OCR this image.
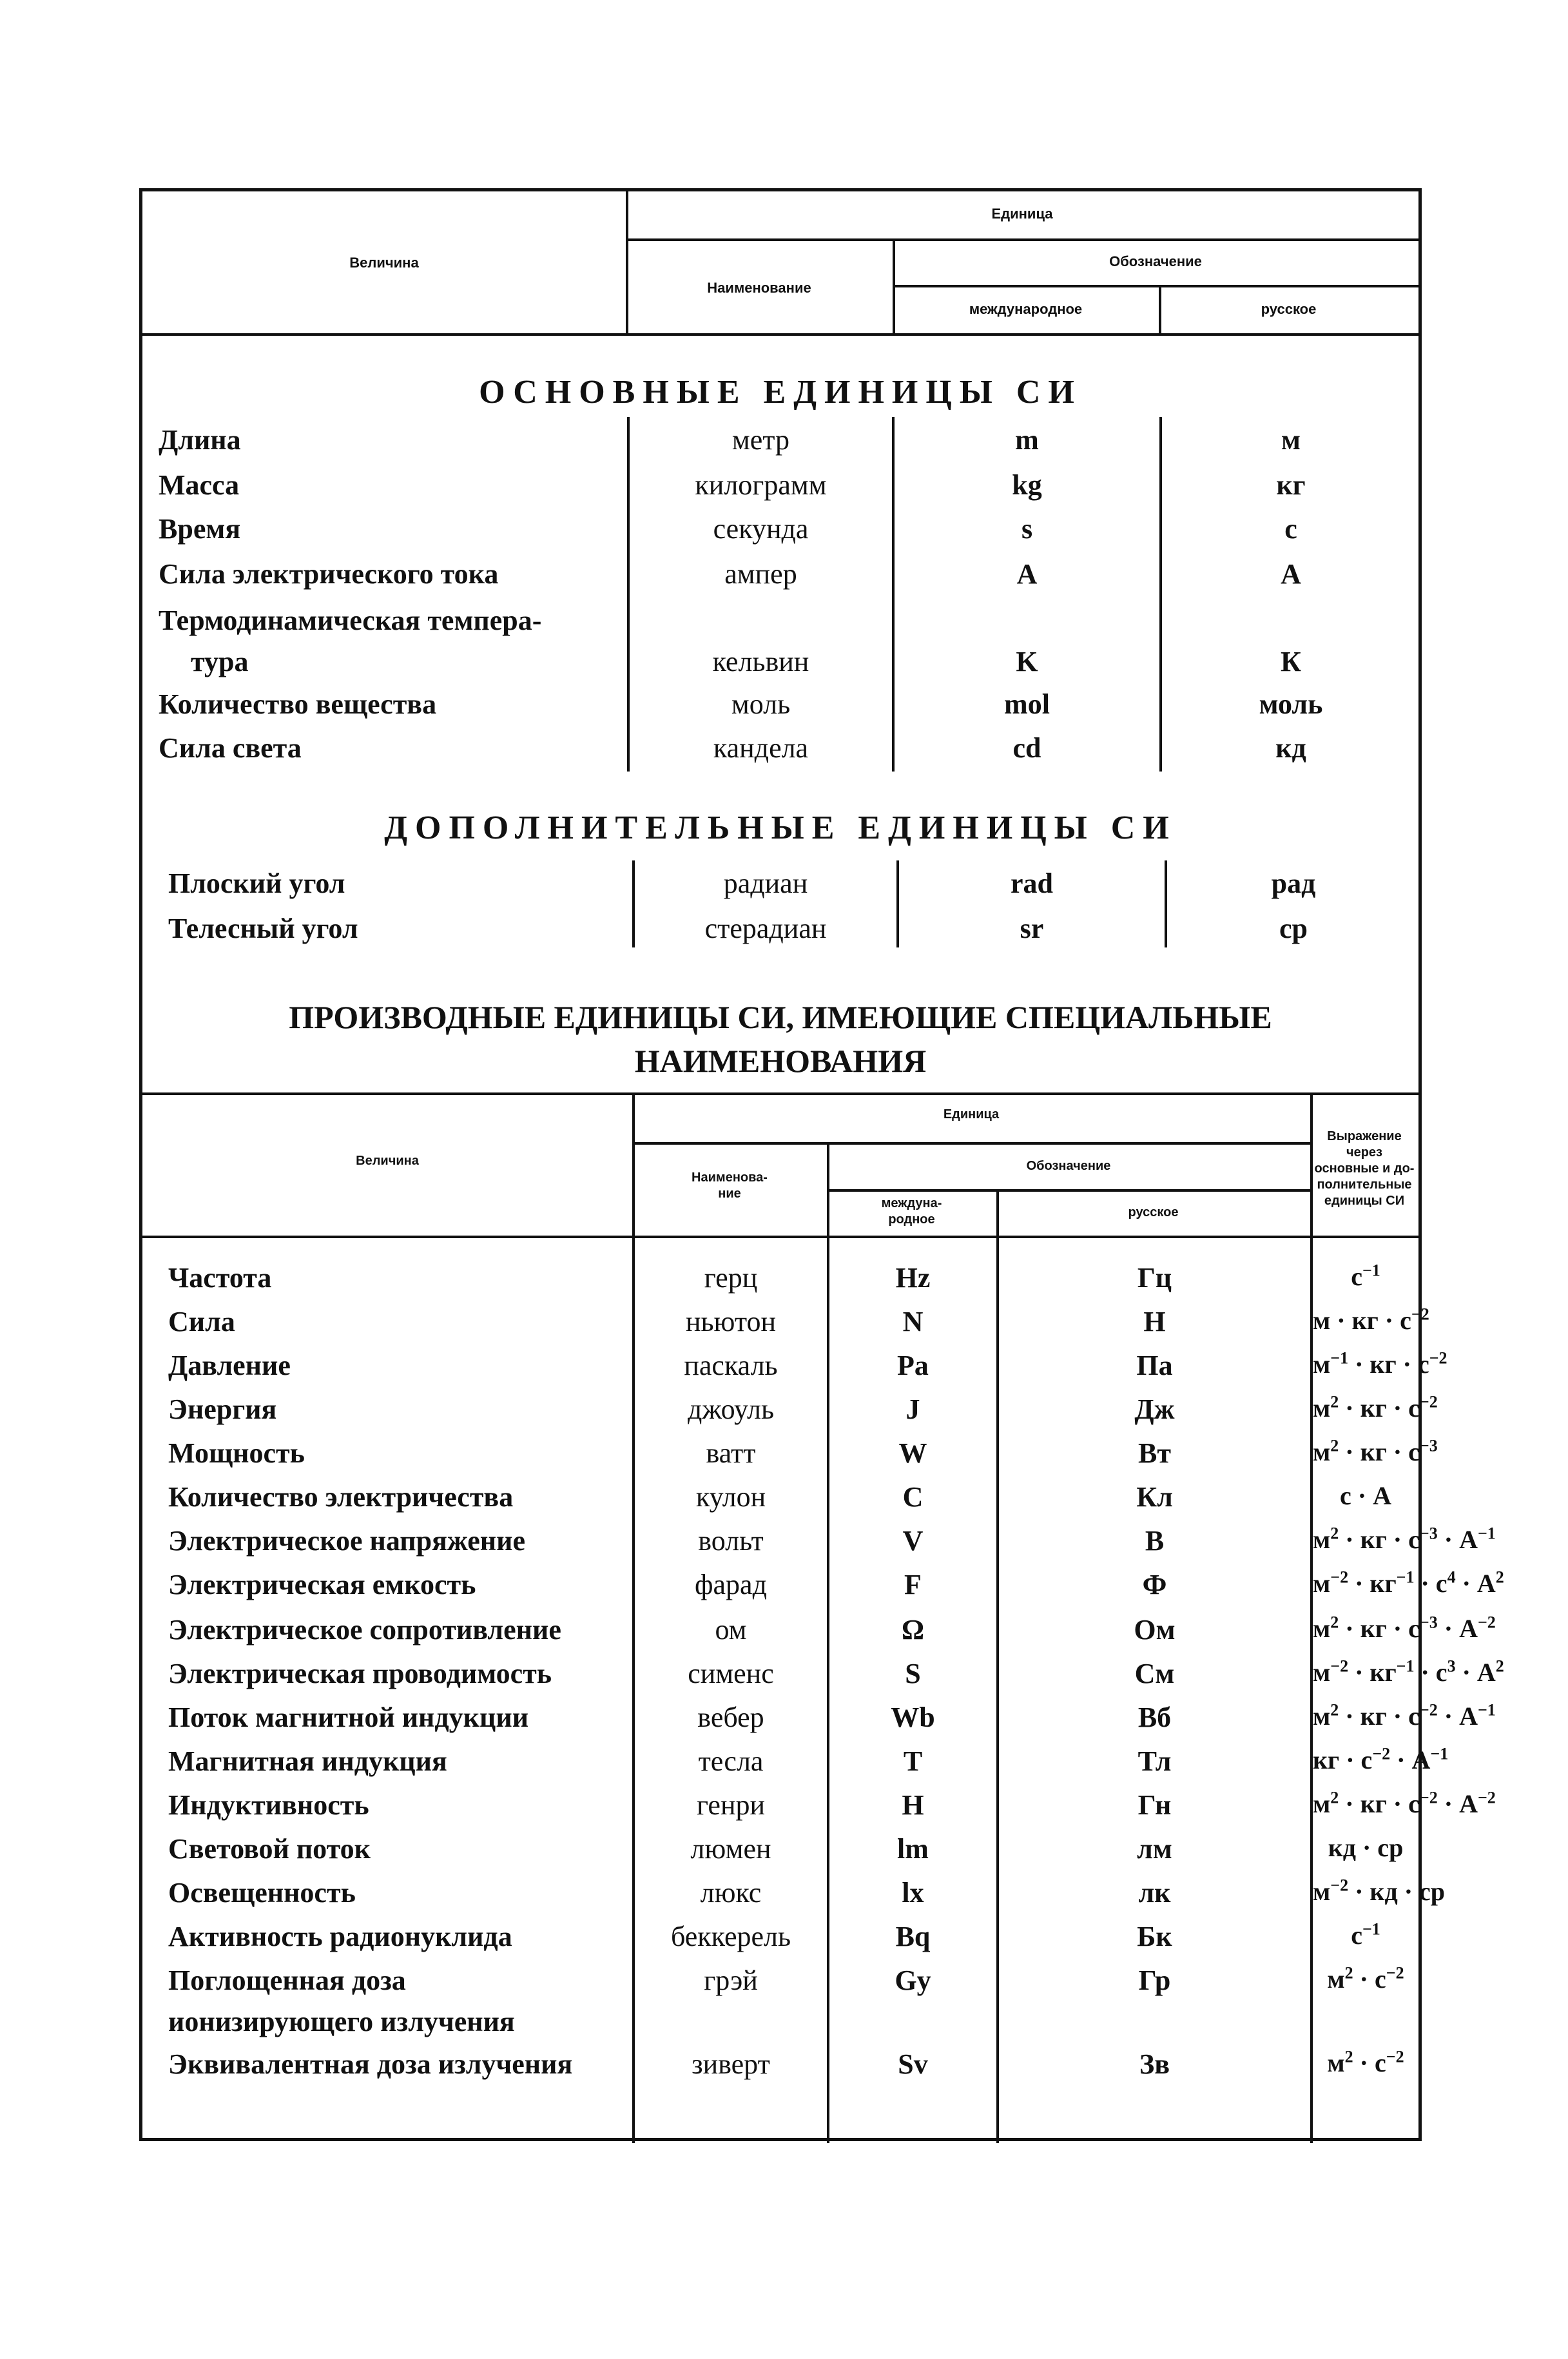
Величина
Единица
Наименование
Обозначение
международное	русское
ОСНОВНЫЕ ЕДИНИЦЫ СИ
Длина	метр	m	м
Масса	килограмм	kg	кг
Время	секунда	s	с
Сила электрического тока	ампер	A	А
Термодинамическая темпера-
тура	кельвин	K	К
Количество вещества	моль	mol	моль
Сила света	кандела	cd	кд
ДОПОЛНИТЕЛЬНЫЕ ЕДИНИЦЫ СИ
Плоский угол	радиан	rad	рад
Телесный угол	стерадиан	sr	ср
ПРОИЗВОДНЫЕ ЕДИНИЦЫ СИ, ИМЕЮЩИЕ СПЕЦИАЛЬНЫЕ
НАИМЕНОВАНИЯ
Величина
Единица
Наименова-
ние
Обозначение
междуна-
родное	русское
Выражение через
основные и до-
полнительные
единицы СИ
Частота	герц	Hz	Гц	$с^{-1}$
Сила	ньютон	N	Н	м · кг · $с^{-2}$
Давление	паскаль	Pa	Па	$м^{-1}$ · кг · $с^{-2}$
Энергия	джоуль	J	Дж	$м^2$ · кг · $с^{-2}$
Мощность	ватт	W	Вт	$м^2$ · кг · $с^{-3}$
Количество электричества	кулон	C	Кл	с · А
Электрическое напряжение	вольт	V	В	$м^2$ · кг · $с^{-3} \cdot А^{-1}$
Электрическая емкость	фарад	F	Ф	$м^{-2} \cdot кг^{-1} \cdot с^4 \cdot А^2$
Электрическое сопротивление	ом	Ω	Ом	$м^2$ · кг · $с^{-3} \cdot А^{-2}$
Электрическая проводимость	сименс	S	См	$м^{-2} \cdot кг^{-1} \cdot с^3 \cdot А^2$
Поток магнитной индукции	вебер	Wb	Вб	$м^2$ · кг · $с^{-2} \cdot А^{-1}$
Магнитная индукция	тесла	T	Тл	кг · $с^{-2} \cdot А^{-1}$
Индуктивность	генри	H	Гн	$м^2$ · кг · $с^{-2} \cdot А^{-2}$
Световой поток	люмен	lm	лм	кд · ср
Освещенность	люкс	lx	лк	$м^{-2}$ · кд · ср
Активность радионуклида	беккерель	Bq	Бк	$с^{-1}$
Поглощенная доза
ионизирующего излучения
грэй	Gy	Гр	$м^2 \cdot с^{-2}$
Эквивалентная доза излучения	зиверт	Sv	Зв	$м^2 \cdot с^{-2}$
